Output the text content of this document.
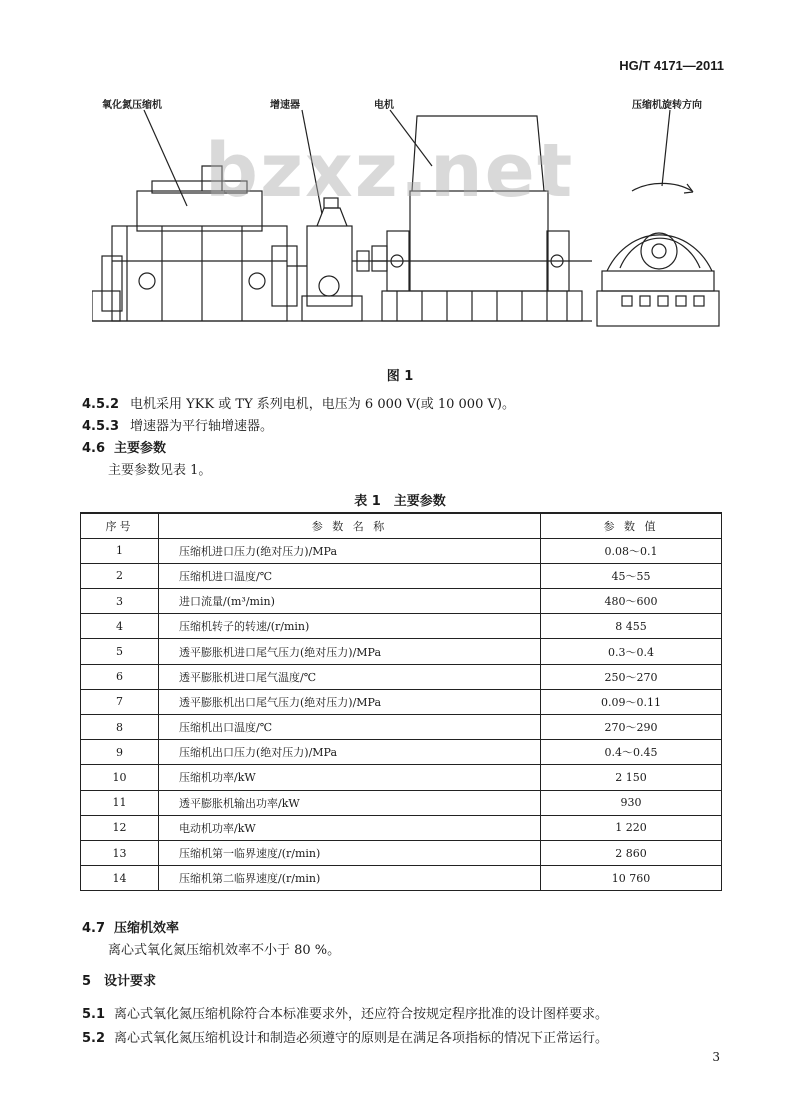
HG/T 4171—2011
氧化氮压缩机	增速器	电机	压缩机旋转方向
bzxz.net
图 1
4.5.2 电机采用 YKK 或 TY 系列电机，电压为 6 000 V(或 10 000 V)。
4.5.3 增速器为平行轴增速器。
4.6 主要参数
主要参数见表 1。
表 1　主要参数
序号	参 数 名 称	参 数 值
1	压缩机进口压力(绝对压力)/MPa	0.08～0.1
2	压缩机进口温度/℃	45～55
3	进口流量/(m³/min)	480～600
4	压缩机转子的转速/(r/min)	8 455
5	透平膨胀机进口尾气压力(绝对压力)/MPa	0.3～0.4
6	透平膨胀机进口尾气温度/℃	250～270
7	透平膨胀机出口尾气压力(绝对压力)/MPa	0.09～0.11
8	压缩机出口温度/℃	270～290
9	压缩机出口压力(绝对压力)/MPa	0.4～0.45
10	压缩机功率/kW	2 150
11	透平膨胀机输出功率/kW	930
12	电动机功率/kW	1 220
13	压缩机第一临界速度/(r/min)	2 860
14	压缩机第二临界速度/(r/min)	10 760
4.7 压缩机效率
离心式氧化氮压缩机效率不小于 80 %。
5 设计要求
5.1 离心式氧化氮压缩机除符合本标准要求外，还应符合按规定程序批准的设计图样要求。
5.2 离心式氧化氮压缩机设计和制造必须遵守的原则是在满足各项指标的情况下正常运行。
3
